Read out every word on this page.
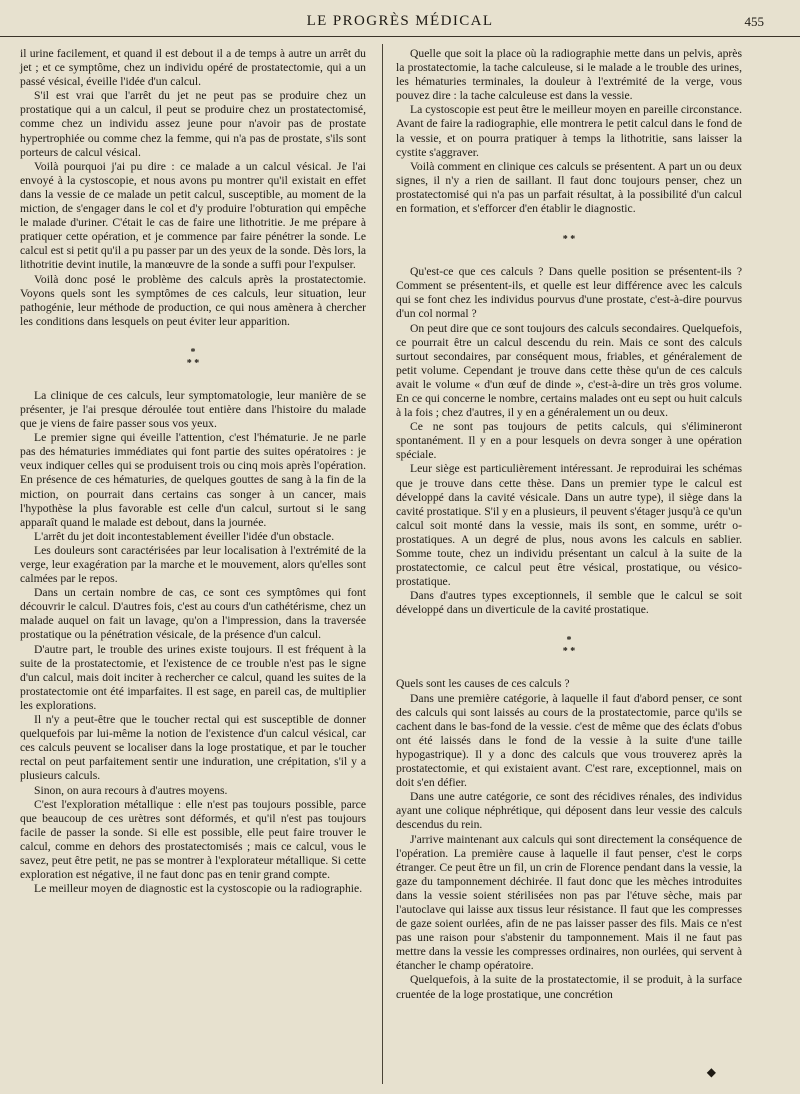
LE PROGRÈS MÉDICAL	455

il urine facilement, et quand il est debout il a de temps à autre un arrêt du jet ; et ce symptôme, chez un individu opéré de prostatectomie, qui a un passé vésical, éveille l'idée d'un calcul.

S'il est vrai que l'arrêt du jet ne peut pas se produire chez un prostatique qui a un calcul, il peut se produire chez un prostatectomisé, comme chez un individu assez jeune pour n'avoir pas de prostate hypertrophiée ou comme chez la femme, qui n'a pas de prostate, s'ils sont porteurs de calcul vésical.

Voilà pourquoi j'ai pu dire : ce malade a un calcul vésical. Je l'ai envoyé à la cystoscopie, et nous avons pu montrer qu'il existait en effet dans la vessie de ce malade un petit calcul, susceptible, au moment de la miction, de s'engager dans le col et d'y produire l'obturation qui empêche le malade d'uriner. C'était le cas de faire une lithotritie. Je me prépare à pratiquer cette opération, et je commence par faire pénétrer la sonde. Le calcul est si petit qu'il a pu passer par un des yeux de la sonde. Dès lors, la lithotritie devint inutile, la manœuvre de la sonde a suffi pour l'expulser.

Voilà donc posé le problème des calculs après la prostatectomie. Voyons quels sont les symptômes de ces calculs, leur situation, leur pathogénie, leur méthode de production, ce qui nous amènera à chercher les conditions dans lesquels on peut éviter leur apparition.

*
* *

La clinique de ces calculs, leur symptomatologie, leur manière de se présenter, je l'ai presque déroulée tout entière dans l'histoire du malade que je viens de faire passer sous vos yeux.

Le premier signe qui éveille l'attention, c'est l'hématurie. Je ne parle pas des hématuries immédiates qui font partie des suites opératoires : je veux indiquer celles qui se produisent trois ou cinq mois après l'opération. En présence de ces hématuries, de quelques gouttes de sang à la fin de la miction, on pourrait dans certains cas songer à un cancer, mais l'hypothèse la plus favorable est celle d'un calcul, surtout si le sang apparaît quand le malade est debout, dans la journée.

L'arrêt du jet doit incontestablement éveiller l'idée d'un obstacle.

Les douleurs sont caractérisées par leur localisation à l'extrémité de la verge, leur exagération par la marche et le mouvement, alors qu'elles sont calmées par le repos.

Dans un certain nombre de cas, ce sont ces symptômes qui font découvrir le calcul. D'autres fois, c'est au cours d'un cathétérisme, chez un malade auquel on fait un lavage, qu'on a l'impression, dans la traversée prostatique ou la pénétration vésicale, de la présence d'un calcul.

D'autre part, le trouble des urines existe toujours. Il est fréquent à la suite de la prostatectomie, et l'existence de ce trouble n'est pas le signe d'un calcul, mais doit inciter à rechercher ce calcul, quand les suites de la prostatectomie ont été imparfaites. Il est sage, en pareil cas, de multiplier les explorations.

Il n'y a peut-être que le toucher rectal qui est susceptible de donner quelquefois par lui-même la notion de l'existence d'un calcul vésical, car ces calculs peuvent se localiser dans la loge prostatique, et par le toucher rectal on peut parfaitement sentir une induration, une crépitation, s'il y a plusieurs calculs.

Sinon, on aura recours à d'autres moyens.

C'est l'exploration métallique : elle n'est pas toujours possible, parce que beaucoup de ces urètres sont déformés, et qu'il n'est pas toujours facile de passer la sonde. Si elle est possible, elle peut faire trouver le calcul, comme en dehors des prostatectomisés ; mais ce calcul, vous le savez, peut être petit, ne pas se montrer à l'explorateur métallique. Si cette exploration est négative, il ne faut donc pas en tenir grand compte.

Le meilleur moyen de diagnostic est la cystoscopie ou la radiographie.

Quelle que soit la place où la radiographie mette dans un pelvis, après la prostatectomie, la tache calculeuse, si le malade a le trouble des urines, les hématuries terminales, la douleur à l'extrémité de la verge, vous pouvez dire : la tache calculeuse est dans la vessie.

La cystoscopie est peut être le meilleur moyen en pareille circonstance. Avant de faire la radiographie, elle montrera le petit calcul dans le fond de la vessie, et on pourra pratiquer à temps la lithotritie, sans laisser la cystite s'aggraver.

Voilà comment en clinique ces calculs se présentent. A part un ou deux signes, il n'y a rien de saillant. Il faut donc toujours penser, chez un prostatectomisé qui n'a pas un parfait résultat, à la possibilité d'un calcul en formation, et s'efforcer d'en établir le diagnostic.

* *

Qu'est-ce que ces calculs ? Dans quelle position se présentent-ils ? Comment se présentent-ils, et quelle est leur différence avec les calculs qui se font chez les individus pourvus d'une prostate, c'est-à-dire pourvus d'un col normal ?

On peut dire que ce sont toujours des calculs secondaires. Quelquefois, ce pourrait être un calcul descendu du rein. Mais ce sont des calculs surtout secondaires, par conséquent mous, friables, et généralement de petit volume. Cependant je trouve dans cette thèse qu'un de ces calculs avait le volume « d'un œuf de dinde », c'est-à-dire un très gros volume. En ce qui concerne le nombre, certains malades ont eu sept ou huit calculs à la fois ; chez d'autres, il y en a généralement un ou deux.

Ce ne sont pas toujours de petits calculs, qui s'élimineront spontanément. Il y en a pour lesquels on devra songer à une opération spéciale.

Leur siège est particulièrement intéressant. Je reproduirai les schémas que je trouve dans cette thèse. Dans un premier type le calcul est développé dans la cavité vésicale. Dans un autre type), il siège dans la cavité prostatique. S'il y en a plusieurs, il peuvent s'étager jusqu'à ce qu'un calcul soit monté dans la vessie, mais ils sont, en somme, urétr o-prostatiques. A un degré de plus, nous avons les calculs en sablier. Somme toute, chez un individu présentant un calcul à la suite de la prostatectomie, ce calcul peut être vésical, prostatique, ou vésico-prostatique.

Dans d'autres types exceptionnels, il semble que le calcul se soit développé dans un diverticule de la cavité prostatique.

*
* *

Quels sont les causes de ces calculs ?

Dans une première catégorie, à laquelle il faut d'abord penser, ce sont des calculs qui sont laissés au cours de la prostatectomie, parce qu'ils se cachent dans le bas-fond de la vessie. c'est de même que des éclats d'obus ont été laissés dans le fond de la vessie à la suite d'une taille hypogastrique). Il y a donc des calculs que vous trouverez après la prostatectomie, et qui existaient avant. C'est rare, exceptionnel, mais on doit s'en défier.

Dans une autre catégorie, ce sont des récidives rénales, des individus ayant une colique néphrétique, qui déposent dans leur vessie des calculs descendus du rein.

J'arrive maintenant aux calculs qui sont directement la conséquence de l'opération. La première cause à laquelle il faut penser, c'est le corps étranger. Ce peut être un fil, un crin de Florence pendant dans la vessie, la gaze du tamponnement déchirée. Il faut donc que les mèches introduites dans la vessie soient stérilisées non pas par l'étuve sèche, mais par l'autoclave qui laisse aux tissus leur résistance. Il faut que les compresses de gaze soient ourlées, afin de ne pas laisser passer des fils. Mais ce n'est pas une raison pour s'abstenir du tamponnement. Mais il ne faut pas mettre dans la vessie les compresses ordinaires, non ourlées, qui servent à étancher le champ opératoire.

Quelquefois, à la suite de la prostatectomie, il se produit, à la surface cruentée de la loge prostatique, une concrétion

◆
